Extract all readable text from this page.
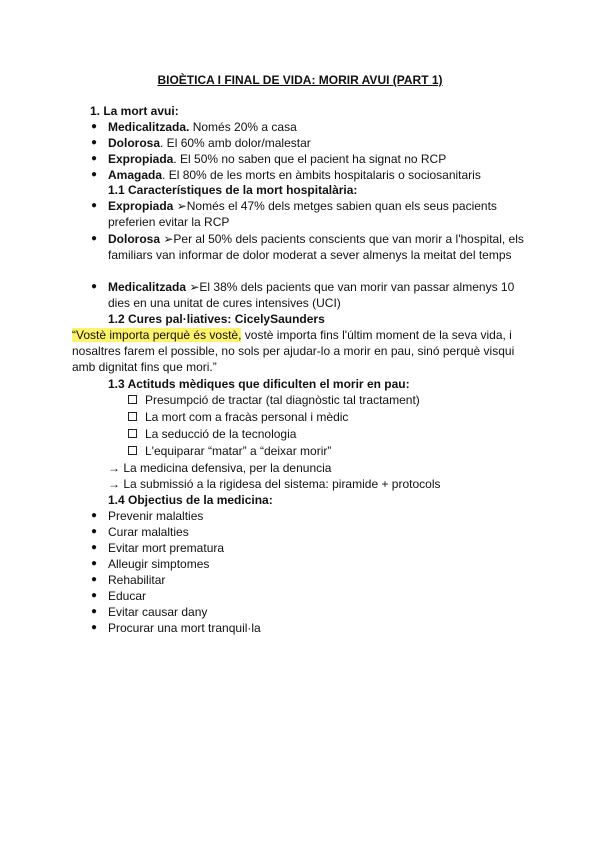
BIOÈTICA I FINAL DE VIDA: MORIR AVUI (PART 1)
1. La mort avui:
● Medicalitzada. Només 20% a casa
● Dolorosa. El 60% amb dolor/malestar
● Expropiada. El 50% no saben que el pacient ha signat no RCP
● Amagada. El 80% de les morts en àmbits hospitalaris o sociosanitaris
1.1 Característiques de la mort hospitalària:
● Expropiada ➢Només el 47% dels metges sabien quan els seus pacients preferien evitar la RCP
● Dolorosa ➢Per al 50% dels pacients conscients que van morir a l'hospital, els familiars van informar de dolor moderat a sever almenys la meitat del temps
● Medicalitzada ➢El 38% dels pacients que van morir van passar almenys 10 dies en una unitat de cures intensives (UCI)
1.2 Cures pal·liatives: CicelySaunders
“Vostè importa perquè és vostè, vostè importa fins l'últim moment de la seva vida, i nosaltres farem el possible, no sols per ajudar-lo a morir en pau, sinó perquè visqui amb dignitat fins que mori.”
1.3 Actituds mèdiques que dificulten el morir en pau:
Presumpció de tractar (tal diagnòstic tal tractament)
La mort com a fracàs personal i mèdic
La seducció de la tecnologia
L'equiparar “matar” a “deixar morir”
→ La medicina defensiva, per la denuncia
→ La submissió a la rigidesa del sistema: piramide + protocols
1.4 Objectius de la medicina:
● Prevenir malalties
● Curar malalties
● Evitar mort prematura
● Alleugir simptomes
● Rehabilitar
● Educar
● Evitar causar dany
● Procurar una mort tranquil·la
